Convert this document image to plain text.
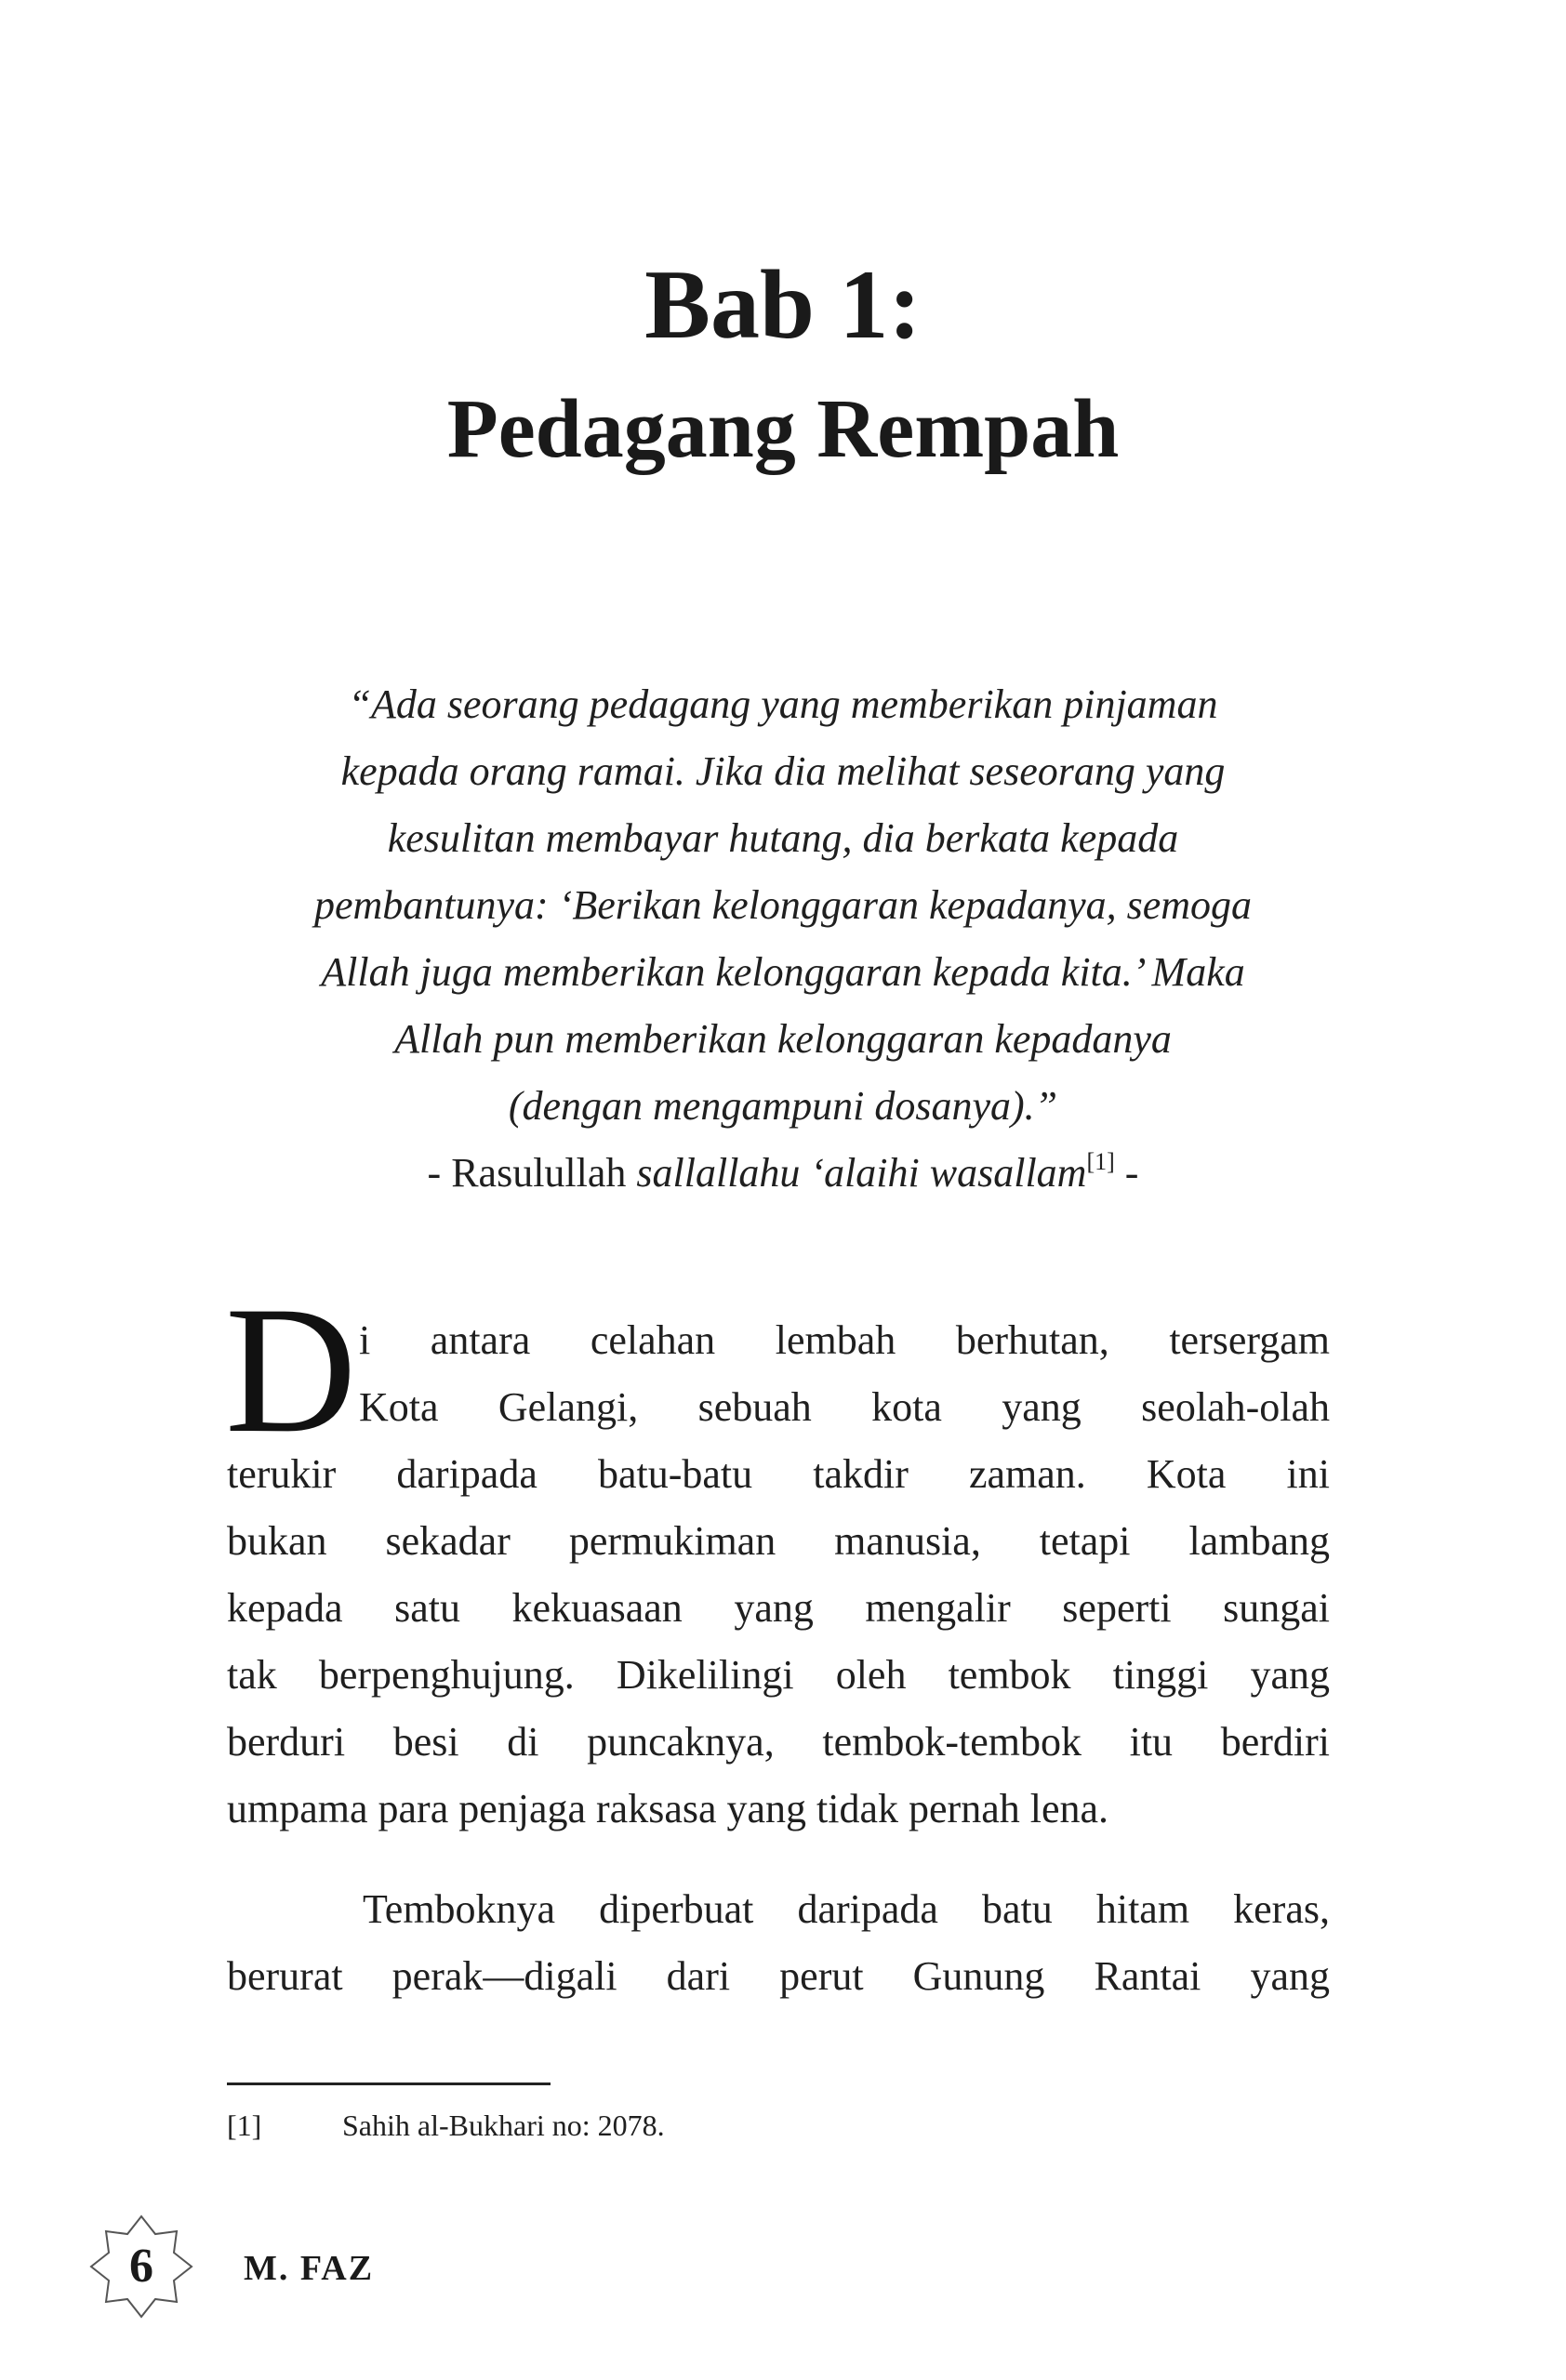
Bab 1:
Pedagang Rempah
“Ada seorang pedagang yang memberikan pinjaman
kepada orang ramai. Jika dia melihat seseorang yang
kesulitan membayar hutang, dia berkata kepada
pembantunya: ‘Berikan kelonggaran kepadanya, semoga
Allah juga memberikan kelonggaran kepada kita.’ Maka
Allah pun memberikan kelonggaran kepadanya
(dengan mengampuni dosanya).”
- Rasulullah sallallahu ‘alaihi wasallam[1] -
D i antara celahan lembah berhutan, tersergam
Kota Gelangi, sebuah kota yang seolah-olah
terukir daripada batu-batu takdir zaman. Kota ini
bukan sekadar permukiman manusia, tetapi lambang
kepada satu kekuasaan yang mengalir seperti sungai
tak berpenghujung. Dikelilingi oleh tembok tinggi yang
berduri besi di puncaknya, tembok-tembok itu berdiri
umpama para penjaga raksasa yang tidak pernah lena.
Temboknya diperbuat daripada batu hitam keras,
berurat perak—digali dari perut Gunung Rantai yang
[1]	Sahih al-Bukhari no: 2078.
6	M. FAZ
